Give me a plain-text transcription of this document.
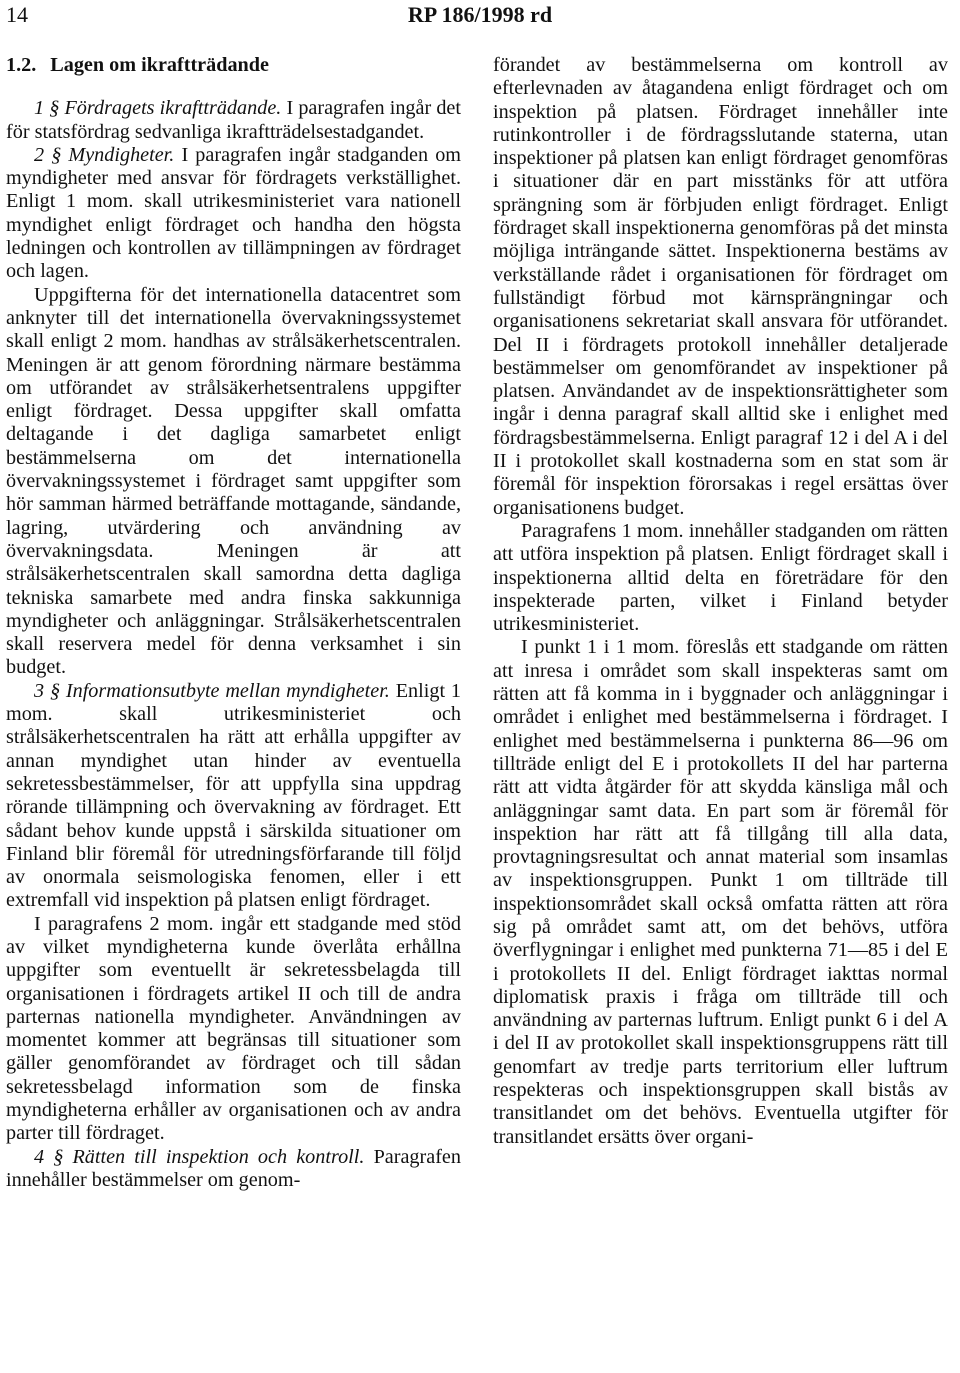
14	RP 186/1998 rd

1.2. Lagen om ikraftträdande

1 § Fördragets ikraftträdande. I paragrafen ingår det för statsfördrag sedvanliga ikraftträdelsestadgandet.

2 § Myndigheter. I paragrafen ingår stadganden om myndigheter med ansvar för fördragets verkställighet. Enligt 1 mom. skall utrikesministeriet vara nationell myndighet enligt fördraget och handha den högsta ledningen och kontrollen av tillämpningen av fördraget och lagen.

Uppgifterna för det internationella datacentret som anknyter till det internationella övervakningssystemet skall enligt 2 mom. handhas av strålsäkerhetscentralen. Meningen är att genom förordning närmare bestämma om utförandet av strålsäkerhetsentralens uppgifter enligt fördraget. Dessa uppgifter skall omfatta deltagande i det dagliga samarbetet enligt bestämmelserna om det internationella övervakningssystemet i fördraget samt uppgifter som hör samman härmed beträffande mottagande, sändande, lagring, utvärdering och användning av övervakningsdata. Meningen är att strålsäkerhetscentralen skall samordna detta dagliga tekniska samarbete med andra finska sakkunniga myndigheter och anläggningar. Strålsäkerhetscentralen skall reservera medel för denna verksamhet i sin budget.

3 § Informationsutbyte mellan myndigheter. Enligt 1 mom. skall utrikesministeriet och strålsäkerhetscentralen ha rätt att erhålla uppgifter av annan myndighet utan hinder av eventuella sekretessbestämmelser, för att uppfylla sina uppdrag rörande tillämpning och övervakning av fördraget. Ett sådant behov kunde uppstå i särskilda situationer om Finland blir föremål för utredningsförfarande till följd av onormala seismologiska fenomen, eller i ett extremfall vid inspektion på platsen enligt fördraget.

I paragrafens 2 mom. ingår ett stadgande med stöd av vilket myndigheterna kunde överlåta erhållna uppgifter som eventuellt är sekretessbelagda till organisationen i fördragets artikel II och till de andra parternas nationella myndigheter. Användningen av momentet kommer att begränsas till situationer som gäller genomförandet av fördraget och till sådan sekretessbelagd information som de finska myndigheterna erhåller av organisationen och av andra parter till fördraget.

4 § Rätten till inspektion och kontroll. Paragrafen innehåller bestämmelser om genom-

förandet av bestämmelserna om kontroll av efterlevnaden av åtagandena enligt fördraget och om inspektion på platsen. Fördraget innehåller inte rutinkontroller i de fördragsslutande staterna, utan inspektioner på platsen kan enligt fördraget genomföras i situationer där en part misstänks för att utföra sprängning som är förbjuden enligt fördraget. Enligt fördraget skall inspektionerna genomföras på det minsta möjliga inträngande sättet. Inspektionerna bestäms av verkställande rådet i organisationen för fördraget om fullständigt förbud mot kärnsprängningar och organisationens sekretariat skall ansvara för utförandet. Del II i fördragets protokoll innehåller detaljerade bestämmelser om genomförandet av inspektioner på platsen. Användandet av de inspektionsrättigheter som ingår i denna paragraf skall alltid ske i enlighet med fördragsbestämmelserna. Enligt paragraf 12 i del A i del II i protokollet skall kostnaderna som en stat som är föremål för inspektion förorsakas i regel ersättas över organisationens budget.

Paragrafens 1 mom. innehåller stadganden om rätten att utföra inspektion på platsen. Enligt fördraget skall i inspektionerna alltid delta en företrädare för den inspekterade parten, vilket i Finland betyder utrikesministeriet.

I punkt 1 i 1 mom. föreslås ett stadgande om rätten att inresa i området som skall inspekteras samt om rätten att få komma in i byggnader och anläggningar i området i enlighet med bestämmelserna i fördraget. I enlighet med bestämmelserna i punkterna 86—96 om tillträde enligt del E i protokollets II del har parterna rätt att vidta åtgärder för att skydda känsliga mål och anläggningar samt data. En part som är föremål för inspektion har rätt att få tillgång till alla data, provtagningsresultat och annat material som insamlas av inspektionsgruppen. Punkt 1 om tillträde till inspektionsområdet skall också omfatta rätten att röra sig på området samt att, om det behövs, utföra överflygningar i enlighet med punkterna 71—85 i del E i protokollets II del. Enligt fördraget iakttas normal diplomatisk praxis i fråga om tillträde till och användning av parternas luftrum. Enligt punkt 6 i del A i del II av protokollet skall inspektionsgruppens rätt till genomfart av tredje parts territorium eller luftrum respekteras och inspektionsgruppen skall bistås av transitlandet om det behövs. Eventuella utgifter för transitlandet ersätts över organi-
